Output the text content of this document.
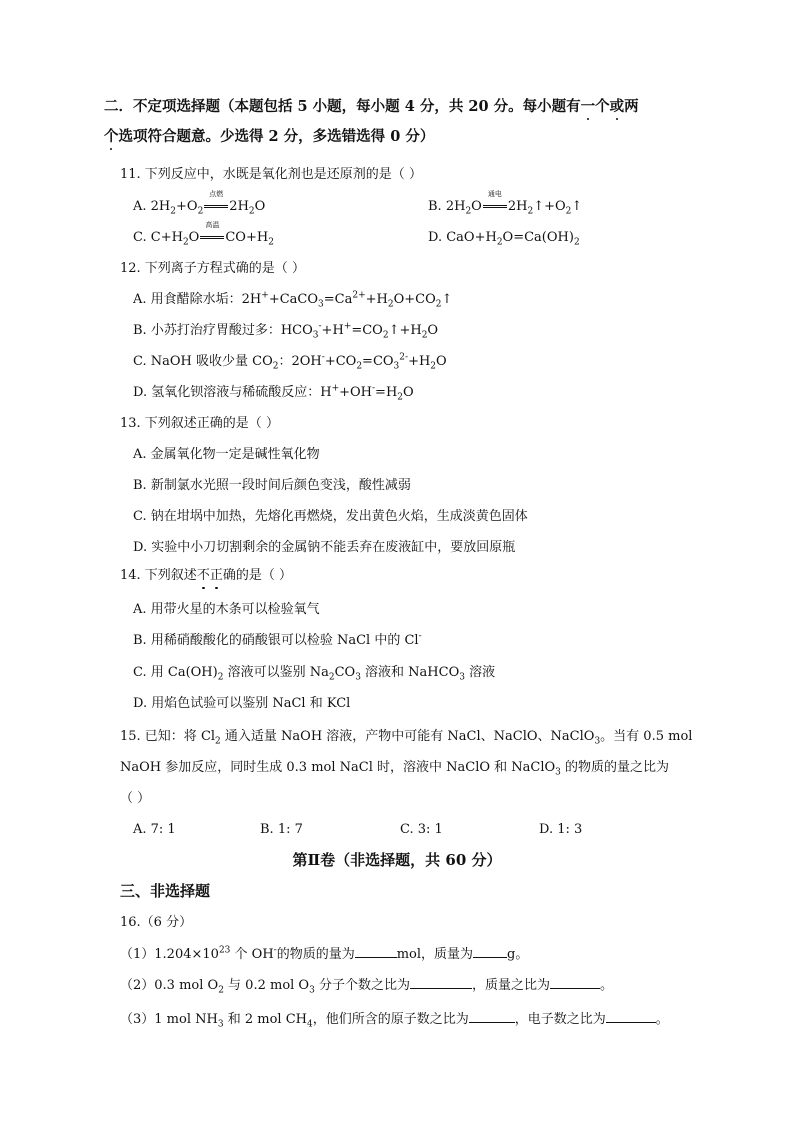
二．不定项选择题（本题包括 5 小题，每小题 4 分，共 20 分。每小题有一个或两
个选项符合题意。少选得 2 分，多选错选得 0 分）
11. 下列反应中，水既是氧化剂也是还原剂的是（ ）
A. $2H_2+O_2$
点燃
$2H_2O$	B. $2H_2O$
通电
$2H_2↑+O_2↑$
C. $C+H_2O$
高温
$CO+H_2$	D. $CaO+H_2O=Ca(OH)_2$
12. 下列离子方程式确的是（ ）
A. 用食醋除水垢：$2H^++CaCO_3=Ca^{2+}+H_2O+CO_2↑$
B. 小苏打治疗胃酸过多：$HCO_3^-+H^+=CO_2↑+H_2O$
C. NaOH 吸收少量 $CO_2$：$2OH^-+CO_2=CO_3^{2-}+H_2O$
D. 氢氧化钡溶液与稀硫酸反应：$H^++OH^-=H_2O$
13. 下列叙述正确的是（ ）
A. 金属氧化物一定是碱性氧化物
B. 新制氯水光照一段时间后颜色变浅，酸性减弱
C. 钠在坩埚中加热，先熔化再燃烧，发出黄色火焰，生成淡黄色固体
D. 实验中小刀切割剩余的金属钠不能丢弃在废液缸中，要放回原瓶
14. 下列叙述不正确的是（ ）
A. 用带火星的木条可以检验氧气
B. 用稀硝酸酸化的硝酸银可以检验 NaCl 中的 Cl-
C. 用 $Ca(OH)_2$ 溶液可以鉴别 $Na_2CO_3$ 溶液和 NaHCO$_3$ 溶液
D. 用焰色试验可以鉴别 NaCl 和 KCl
15. 已知：将 $Cl_2$ 通入适量 NaOH 溶液，产物中可能有 NaCl、NaClO、NaClO$_3$。当有 0.5 mol
NaOH 参加反应，同时生成 0.3 mol NaCl 时，溶液中 NaClO 和 NaClO$_3$ 的物质的量之比为
（ ）
A. 7: 1	B. 1: 7	C. 3: 1	D. 1: 3
第Ⅱ卷（非选择题，共 60 分）
三、非选择题
16.（6 分）
$(1)1.204\times 10^{23}$ 个 OH-的物质的量为	mol，质量为	g。
（2）0.3 mol $O_2$ 与 0.2 mol $O_3$ 分子个数之比为	，质量之比为	。
（3）1 mol $NH_3$ 和 2 mol $CH_4$，他们所含的原子数之比为	，电子数之比为	。
